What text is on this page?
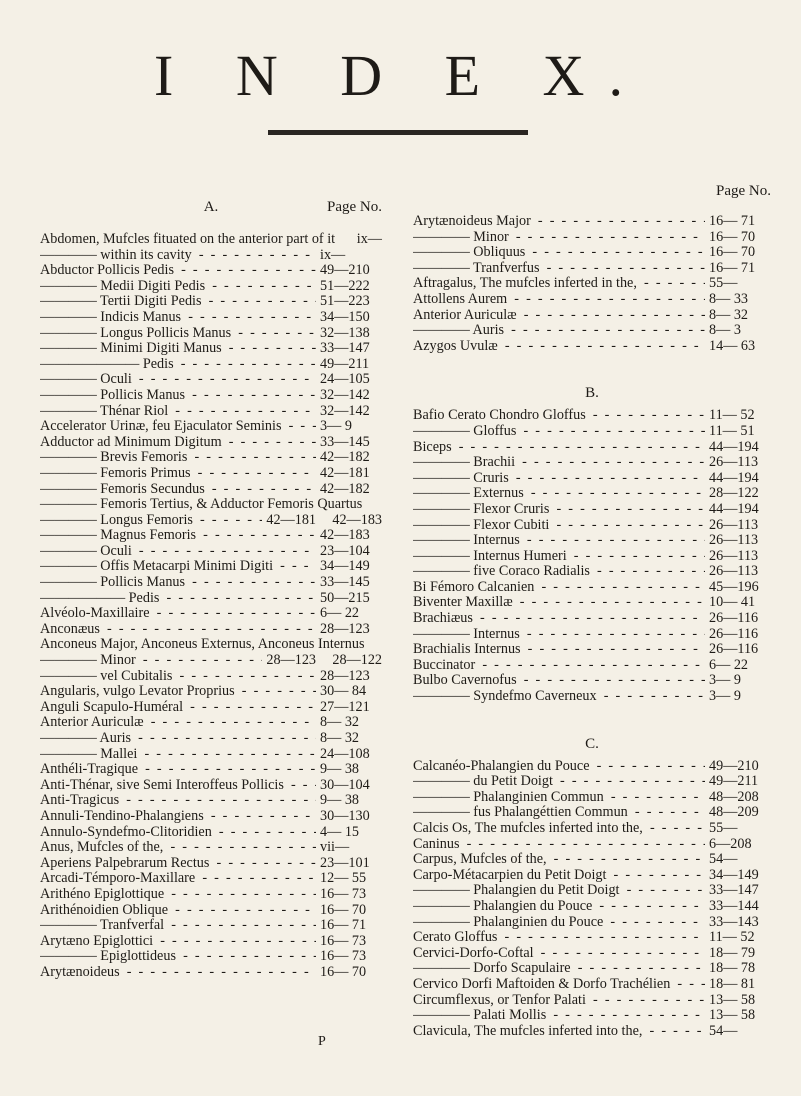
I N D E X.
A.	Page No.
Abdomen, Mufcles fituated on the anterior part of it ix—
———— within its cavity - -	ix—
Abductor Pollicis Pedis - -	49—210
———— Medii Digiti Pedis - -	51—222
———— Tertii Digiti Pedis - -	51—223
———— Indicis Manus - -	34—150
———— Longus Pollicis Manus - -	32—138
———— Minimi Digiti Manus - -	33—147
——————— Pedis - -	49—211
———— Oculi - -	24—105
———— Pollicis Manus - -	32—142
———— Thénar Riol - -	32—142
Accelerator Urinæ, feu Ejaculator Seminis - -	3— 9
Adductor ad Minimum Digitum - -	33—145
———— Brevis Femoris - -	42—182
———— Femoris Primus - -	42—181
———— Femoris Secundus - -	42—182
———— Femoris Tertius, & Adductor Femoris Quartus
42—183
———— Longus Femoris - -	42—181
———— Magnus Femoris - -	42—183
———— Oculi - -	23—104
———— Offis Metacarpi Minimi Digiti - -	34—149
———— Pollicis Manus - -	33—145
—————— Pedis - -	50—215
Alvéolo-Maxillaire - -	6— 22
Anconæus - -	28—123
Anconeus Major, Anconeus Externus, Anconeus Internus
28—122
———— Minor - -	28—123
———— vel Cubitalis - -	28—123
Angularis, vulgo Levator Proprius - -	30— 84
Anguli Scapulo-Huméral - -	27—121
Anterior Auriculæ - -	8— 32
———— Auris - -	8— 32
———— Mallei - -	24—108
Anthéli-Tragique - -	9— 38
Anti-Thénar, sive Semi Interoffeus Pollicis - -	30—104
Anti-Tragicus - -	9— 38
Annuli-Tendino-Phalangiens - -	30—130
Annulo-Syndefmo-Clitoridien - -	4— 15
Anus, Mufcles of the, - -	vii—
Aperiens Palpebrarum Rectus - -	23—101
Arcadi-Témporo-Maxillare - -	12— 55
Arithéno Epiglottique - -	16— 73
Arithénoidien Oblique - -	16— 70
———— Tranfverfal - -	16— 71
Arytæno Epiglottici - -	16— 73
———— Epiglottideus - -	16— 73
Arytænoideus - -	16— 70
Page No.
Arytænoideus Major - -	16— 71
———— Minor - -	16— 70
———— Obliquus - -	16— 70
———— Tranfverfus - -	16— 71
Aftragalus, The mufcles inferted in the, - -	55—
Attollens Aurem - -	8— 33
Anterior Auriculæ - -	8— 32
———— Auris - -	8— 3
Azygos Uvulæ - -	14— 63
B.
Bafio Cerato Chondro Gloffus - -	11— 52
———— Gloffus - -	11— 51
Biceps - -	44—194
———— Brachii - -	26—113
———— Cruris - -	44—194
———— Externus - -	28—122
———— Flexor Cruris - -	44—194
———— Flexor Cubiti - -	26—113
———— Internus - -	26—113
———— Internus Humeri - -	26—113
———— five Coraco Radialis - -	26—113
Bi Fémoro Calcanien - -	45—196
Biventer Maxillæ - -	10— 41
Brachiæus - -	26—116
———— Internus - -	26—116
Brachialis Internus - -	26—116
Buccinator - -	6— 22
Bulbo Cavernofus - -	3— 9
———— Syndefmo Caverneux - -	3— 9
C.
Calcanéo-Phalangien du Pouce - -	49—210
———— du Petit Doigt - -	49—211
———— Phalanginien Commun - -	48—208
———— fus Phalangéttien Commun - -	48—209
Calcis Os, The mufcles inferted into the, - -	55—
Caninus - -	6—208
Carpus, Mufcles of the, - -	54—
Carpo-Métacarpien du Petit Doigt - -	34—149
———— Phalangien du Petit Doigt - -	33—147
———— Phalangien du Pouce - -	33—144
———— Phalanginien du Pouce - -	33—143
Cerato Gloffus - -	11— 52
Cervici-Dorfo-Coftal - -	18— 79
———— Dorfo Scapulaire - -	18— 78
Cervico Dorfi Maftoiden & Dorfo Trachélien - -	18— 81
Circumflexus, or Tenfor Palati - -	13— 58
———— Palati Mollis - -	13— 58
Clavicula, The mufcles inferted into the, - -	54—
P
